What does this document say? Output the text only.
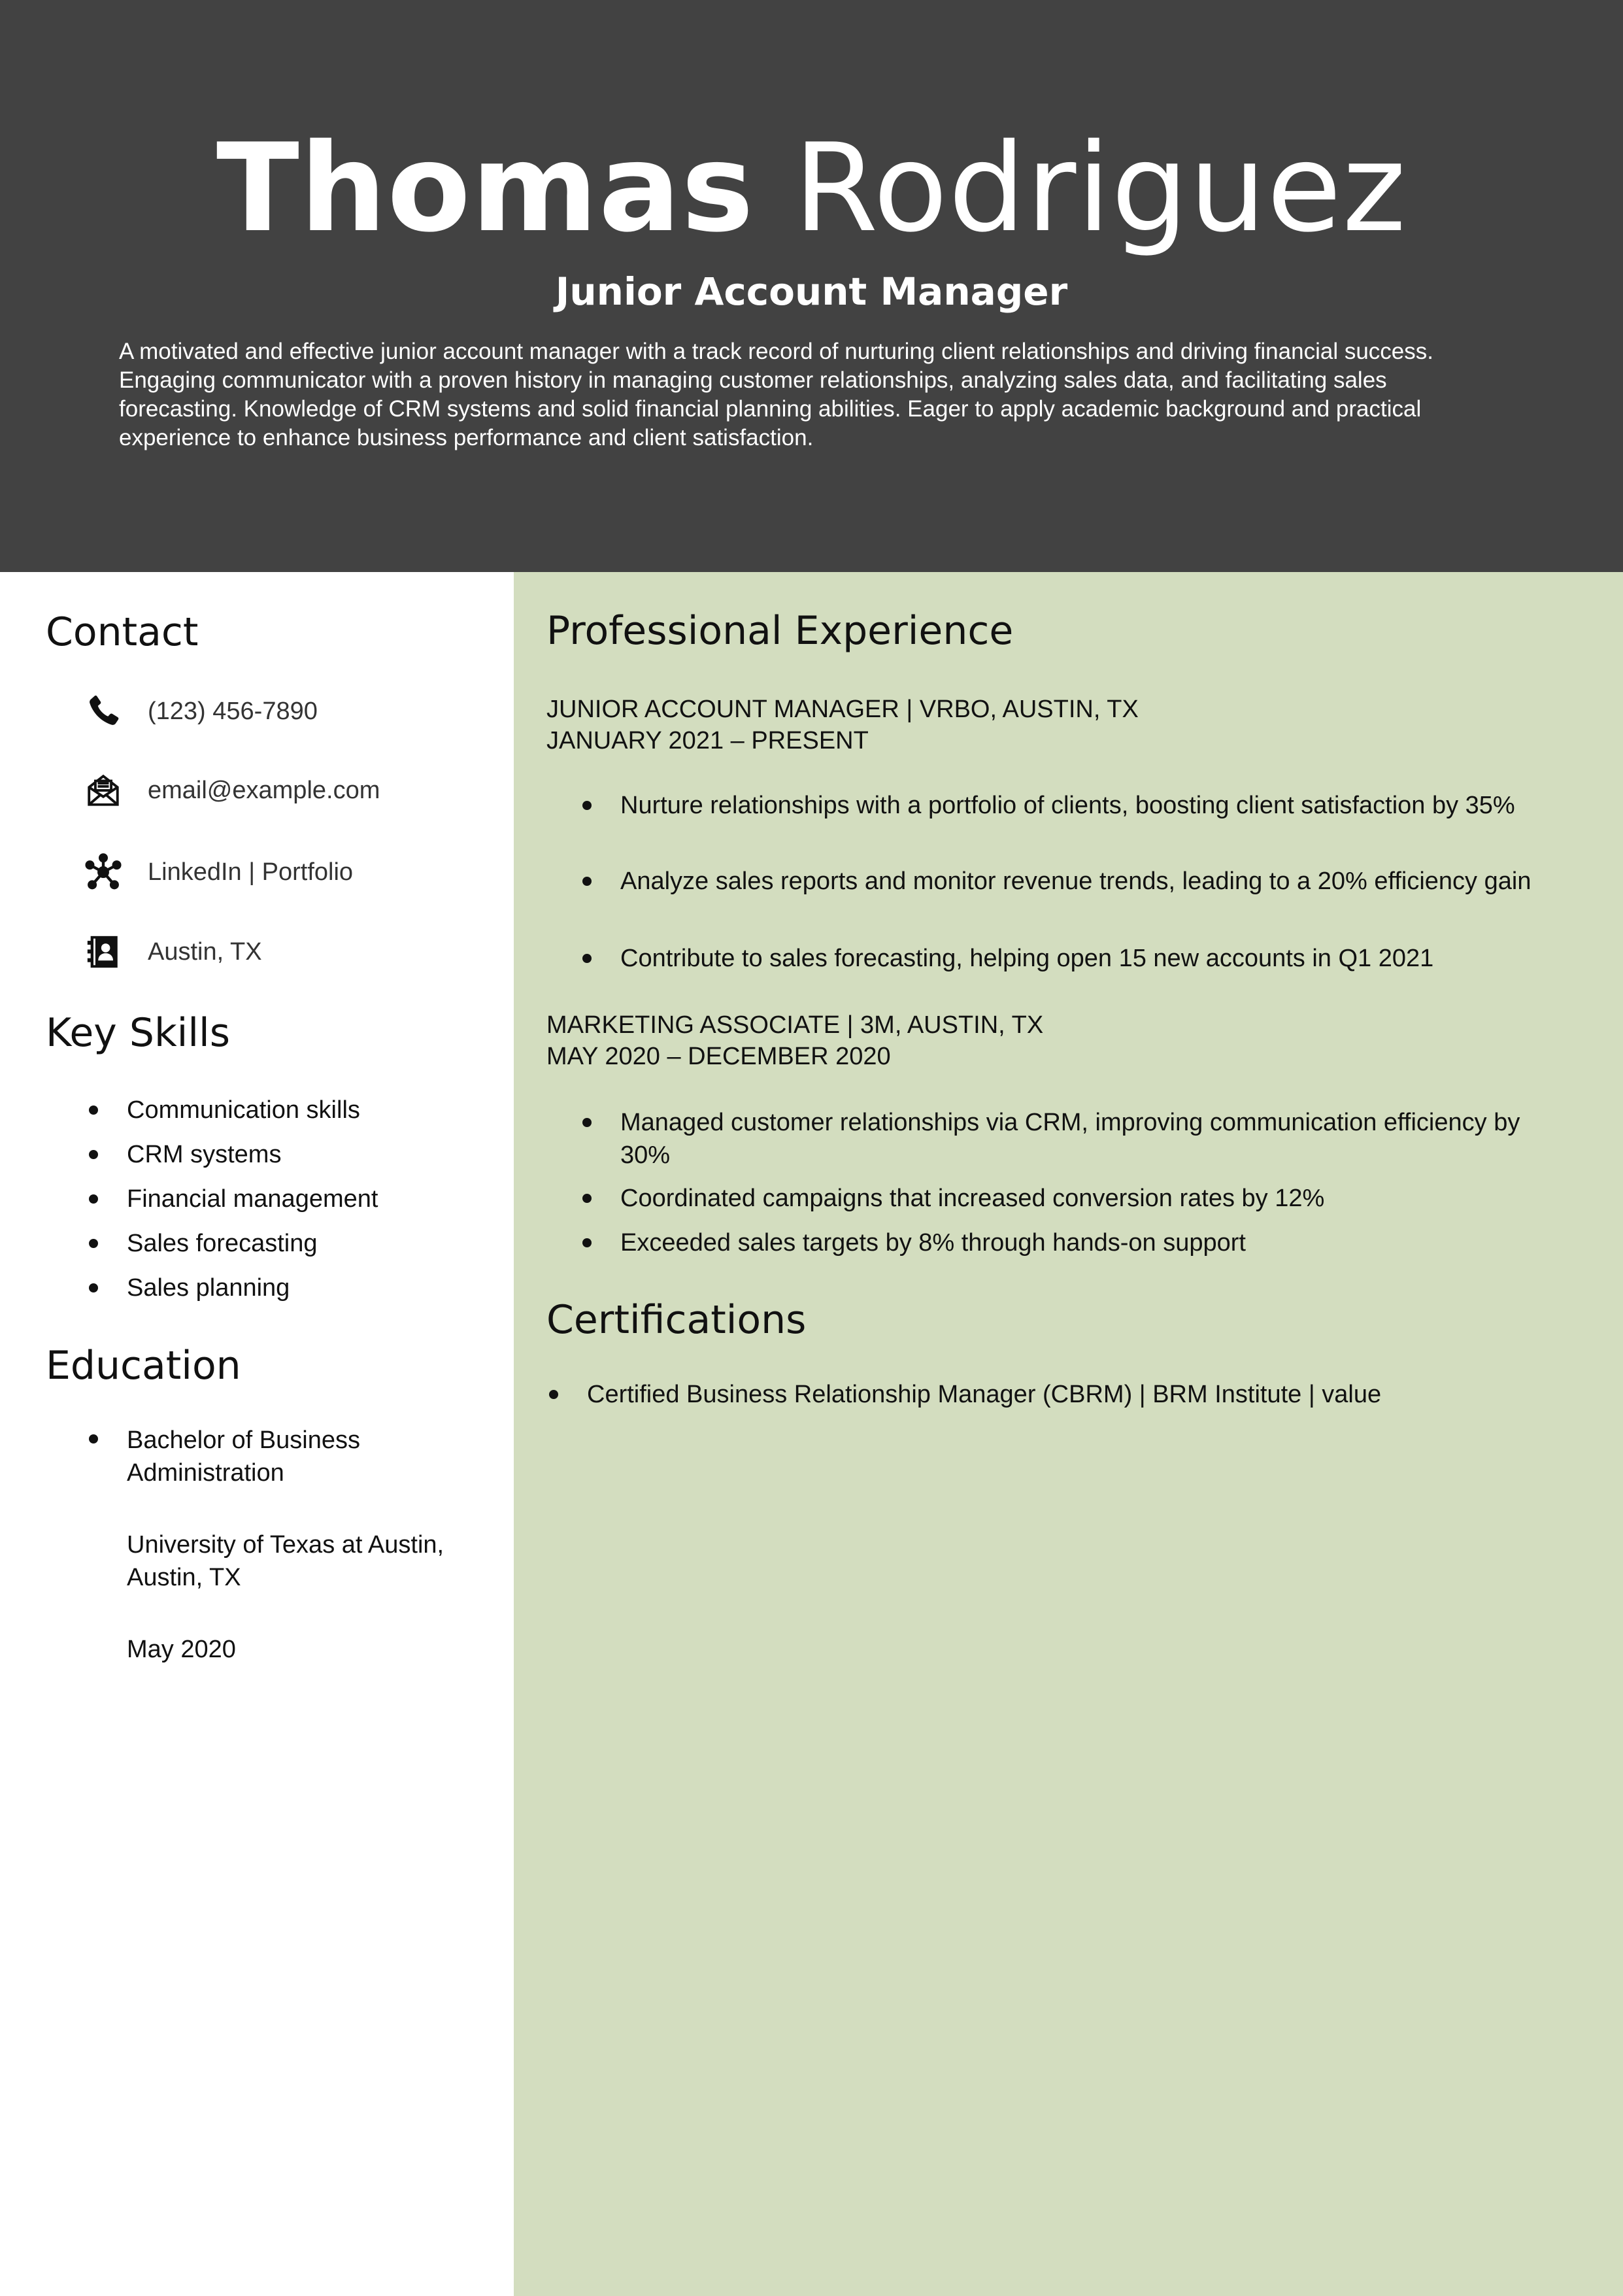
Thomas Rodriguez
Junior Account Manager
A motivated and effective junior account manager with a track record of nurturing client relationships and driving financial success. Engaging communicator with a proven history in managing customer relationships, analyzing sales data, and facilitating sales forecasting. Knowledge of CRM systems and solid financial planning abilities. Eager to apply academic background and practical experience to enhance business performance and client satisfaction.
Contact
(123) 456-7890
email@example.com
LinkedIn | Portfolio
Austin, TX
Key Skills
Communication skills
CRM systems
Financial management
Sales forecasting
Sales planning
Education
Bachelor of Business Administration
University of Texas at Austin, Austin, TX
May 2020
Professional Experience
JUNIOR ACCOUNT MANAGER | VRBO, AUSTIN, TX
JANUARY 2021 – PRESENT
Nurture relationships with a portfolio of clients, boosting client satisfaction by 35%
Analyze sales reports and monitor revenue trends, leading to a 20% efficiency gain
Contribute to sales forecasting, helping open 15 new accounts in Q1 2021
MARKETING ASSOCIATE | 3M, AUSTIN, TX
MAY 2020 – DECEMBER 2020
Managed customer relationships via CRM, improving communication efficiency by 30%
Coordinated campaigns that increased conversion rates by 12%
Exceeded sales targets by 8% through hands-on support
Certifications
Certified Business Relationship Manager (CBRM) | BRM Institute | value
